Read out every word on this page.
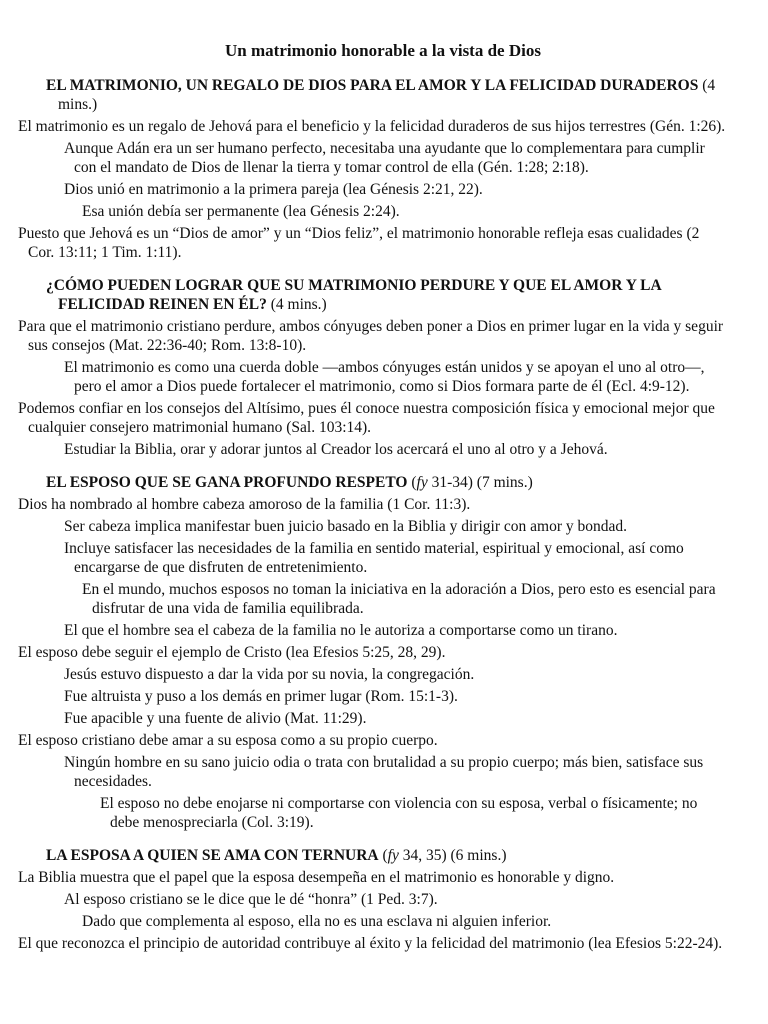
Un matrimonio honorable a la vista de Dios
EL MATRIMONIO, UN REGALO DE DIOS PARA EL AMOR Y LA FELICIDAD DURADEROS (4 mins.)
El matrimonio es un regalo de Jehová para el beneficio y la felicidad duraderos de sus hijos terrestres (Gén. 1:26).
Aunque Adán era un ser humano perfecto, necesitaba una ayudante que lo complementara para cumplir con el mandato de Dios de llenar la tierra y tomar control de ella (Gén. 1:28; 2:18).
Dios unió en matrimonio a la primera pareja (lea Génesis 2:21, 22).
Esa unión debía ser permanente (lea Génesis 2:24).
Puesto que Jehová es un “Dios de amor” y un “Dios feliz”, el matrimonio honorable refleja esas cualidades (2 Cor. 13:11; 1 Tim. 1:11).
¿CÓMO PUEDEN LOGRAR QUE SU MATRIMONIO PERDURE Y QUE EL AMOR Y LA FELICIDAD REINEN EN ÉL? (4 mins.)
Para que el matrimonio cristiano perdure, ambos cónyuges deben poner a Dios en primer lugar en la vida y seguir sus consejos (Mat. 22:36-40; Rom. 13:8-10).
El matrimonio es como una cuerda doble —ambos cónyuges están unidos y se apoyan el uno al otro—, pero el amor a Dios puede fortalecer el matrimonio, como si Dios formara parte de él (Ecl. 4:9-12).
Podemos confiar en los consejos del Altísimo, pues él conoce nuestra composición física y emocional mejor que cualquier consejero matrimonial humano (Sal. 103:14).
Estudiar la Biblia, orar y adorar juntos al Creador los acercará el uno al otro y a Jehová.
EL ESPOSO QUE SE GANA PROFUNDO RESPETO (fy 31-34) (7 mins.)
Dios ha nombrado al hombre cabeza amoroso de la familia (1 Cor. 11:3).
Ser cabeza implica manifestar buen juicio basado en la Biblia y dirigir con amor y bondad.
Incluye satisfacer las necesidades de la familia en sentido material, espiritual y emocional, así como encargarse de que disfruten de entretenimiento.
En el mundo, muchos esposos no toman la iniciativa en la adoración a Dios, pero esto es esencial para disfrutar de una vida de familia equilibrada.
El que el hombre sea el cabeza de la familia no le autoriza a comportarse como un tirano.
El esposo debe seguir el ejemplo de Cristo (lea Efesios 5:25, 28, 29).
Jesús estuvo dispuesto a dar la vida por su novia, la congregación.
Fue altruista y puso a los demás en primer lugar (Rom. 15:1-3).
Fue apacible y una fuente de alivio (Mat. 11:29).
El esposo cristiano debe amar a su esposa como a su propio cuerpo.
Ningún hombre en su sano juicio odia o trata con brutalidad a su propio cuerpo; más bien, satisface sus necesidades.
El esposo no debe enojarse ni comportarse con violencia con su esposa, verbal o físicamente; no debe menospreciarla (Col. 3:19).
LA ESPOSA A QUIEN SE AMA CON TERNURA (fy 34, 35) (6 mins.)
La Biblia muestra que el papel que la esposa desempeña en el matrimonio es honorable y digno.
Al esposo cristiano se le dice que le dé “honra” (1 Ped. 3:7).
Dado que complementa al esposo, ella no es una esclava ni alguien inferior.
El que reconozca el principio de autoridad contribuye al éxito y la felicidad del matrimonio (lea Efesios 5:22-24).
